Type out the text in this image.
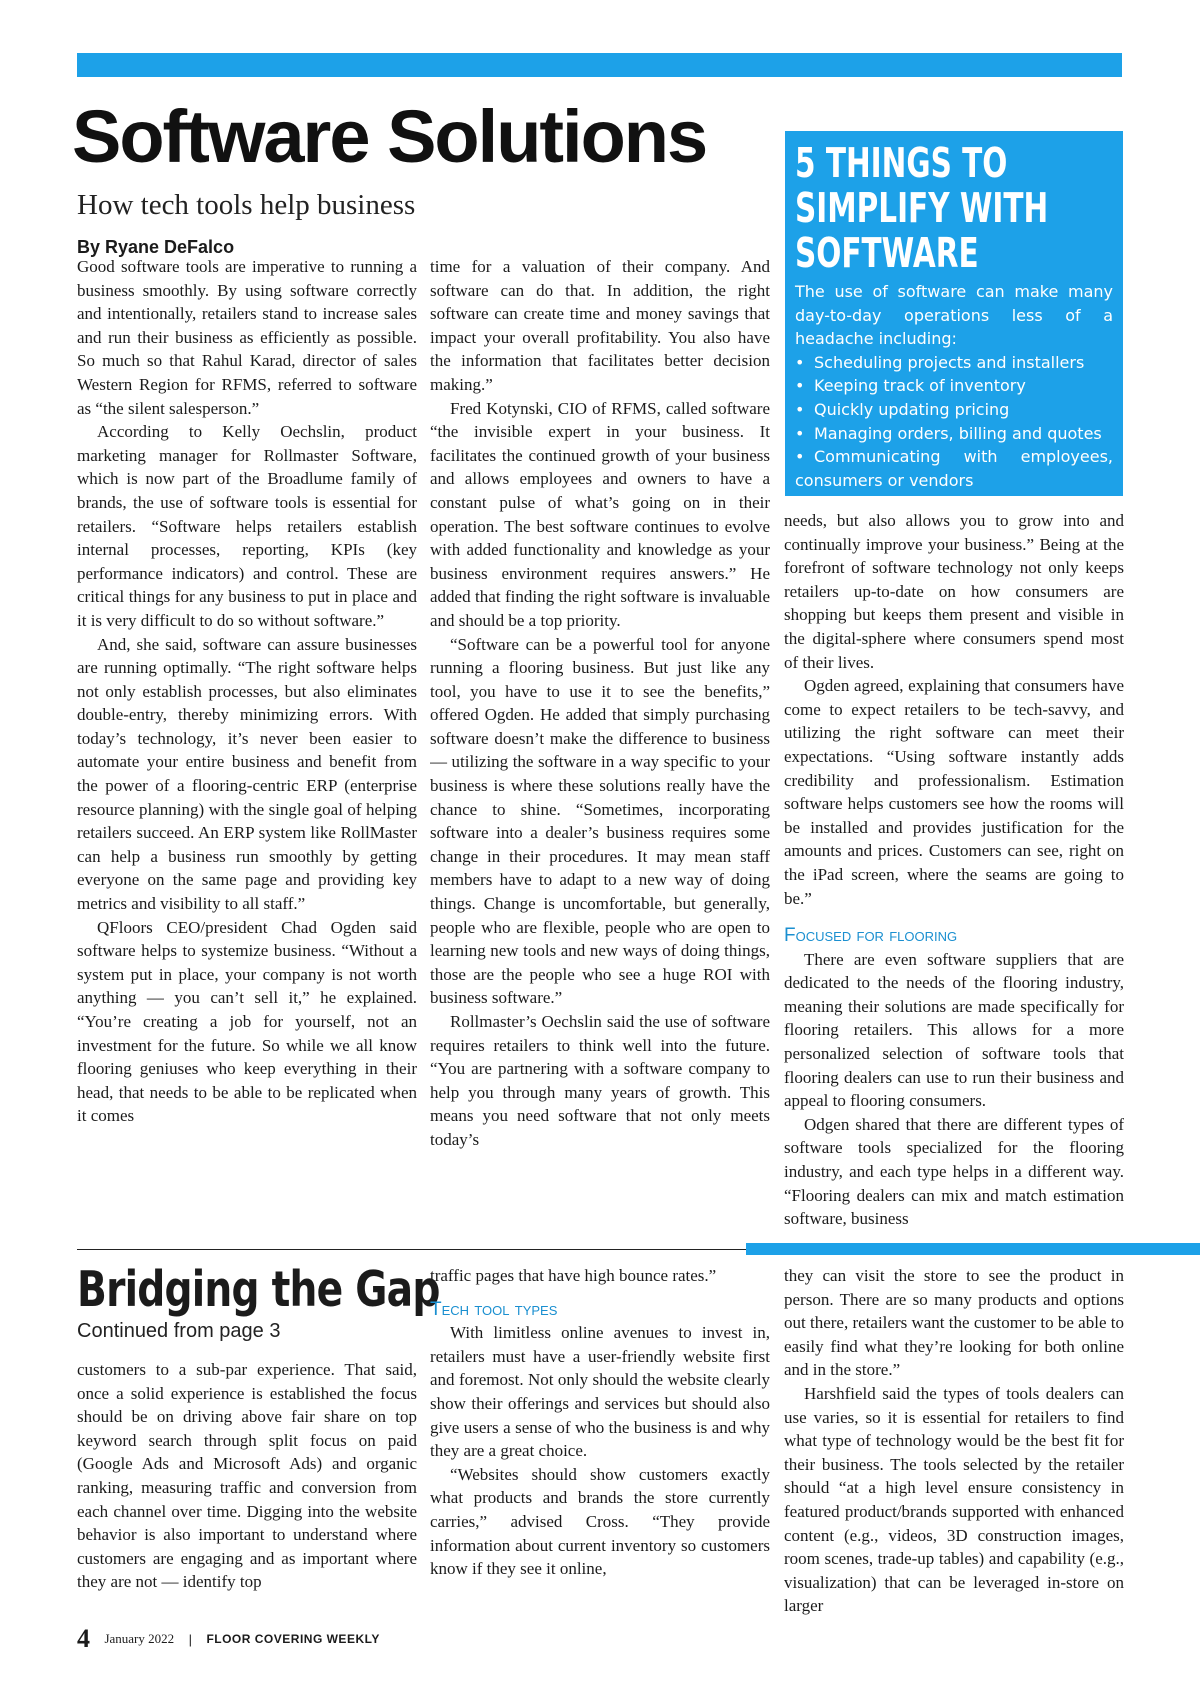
Software Solutions
How tech tools help business
By Ryane DeFalco

Good software tools are imperative to running a business smoothly. By using software correctly and intentionally, retailers stand to increase sales and run their business as efficiently as possible. So much so that Rahul Karad, director of sales Western Region for RFMS, referred to software as “the silent salesperson.”

According to Kelly Oechslin, product marketing manager for Rollmaster Software, which is now part of the Broadlume family of brands, the use of software tools is essential for retailers. “Software helps retailers establish internal processes, reporting, KPIs (key performance indicators) and control. These are critical things for any business to put in place and it is very difficult to do so without software.”

And, she said, software can assure businesses are running optimally. “The right software helps not only establish processes, but also eliminates double-entry, thereby minimizing errors. With today’s technology, it’s never been easier to automate your entire business and benefit from the power of a flooring-centric ERP (enterprise resource planning) with the single goal of helping retailers succeed. An ERP system like RollMaster can help a business run smoothly by getting everyone on the same page and providing key metrics and visibility to all staff.”

QFloors CEO/president Chad Ogden said software helps to systemize business. “Without a system put in place, your company is not worth anything — you can’t sell it,” he explained. “You’re creating a job for yourself, not an investment for the future. So while we all know flooring geniuses who keep everything in their head, that needs to be able to be replicated when it comes

time for a valuation of their company. And software can do that. In addition, the right software can create time and money savings that impact your overall profitability. You also have the information that facilitates better decision making.”

Fred Kotynski, CIO of RFMS, called software “the invisible expert in your business. It facilitates the continued growth of your business and allows employees and owners to have a constant pulse of what’s going on in their operation. The best software continues to evolve with added functionality and knowledge as your business environment requires answers.” He added that finding the right software is invaluable and should be a top priority.

“Software can be a powerful tool for anyone running a flooring business. But just like any tool, you have to use it to see the benefits,” offered Ogden. He added that simply purchasing software doesn’t make the difference to business — utilizing the software in a way specific to your business is where these solutions really have the chance to shine. “Sometimes, incorporating software into a dealer’s business requires some change in their procedures. It may mean staff members have to adapt to a new way of doing things. Change is uncomfortable, but generally, people who are flexible, people who are open to learning new tools and new ways of doing things, those are the people who see a huge ROI with business software.”

Rollmaster’s Oechslin said the use of software requires retailers to think well into the future. “You are partnering with a software company to help you through many years of growth. This means you need software that not only meets today’s

5 THINGS TO SIMPLIFY WITH SOFTWARE

The use of software can make many day-to-day operations less of a headache including:

• Scheduling projects and installers
• Keeping track of inventory
• Quickly updating pricing
• Managing orders, billing and quotes
• Communicating with employees, consumers or vendors

needs, but also allows you to grow into and continually improve your business.” Being at the forefront of software technology not only keeps retailers up-to-date on how consumers are shopping but keeps them present and visible in the digital-sphere where consumers spend most of their lives.

Ogden agreed, explaining that consumers have come to expect retailers to be tech-savvy, and utilizing the right software can meet their expectations. “Using software instantly adds credibility and professionalism. Estimation software helps customers see how the rooms will be installed and provides justification for the amounts and prices. Customers can see, right on the iPad screen, where the seams are going to be.”

Focused for flooring

There are even software suppliers that are dedicated to the needs of the flooring industry, meaning their solutions are made specifically for flooring retailers. This allows for a more personalized selection of software tools that flooring dealers can use to run their business and appeal to flooring consumers.

Odgen shared that there are different types of software tools specialized for the flooring industry, and each type helps in a different way. “Flooring dealers can mix and match estimation software, business

Bridging the Gap
Continued from page 3

customers to a sub-par experience. That said, once a solid experience is established the focus should be on driving above fair share on top keyword search through split focus on paid (Google Ads and Microsoft Ads) and organic ranking, measuring traffic and conversion from each channel over time. Digging into the website behavior is also important to understand where customers are engaging and as important where they are not — identify top

traffic pages that have high bounce rates.”

Tech tool types

With limitless online avenues to invest in, retailers must have a user-friendly website first and foremost. Not only should the website clearly show their offerings and services but should also give users a sense of who the business is and why they are a great choice.

“Websites should show customers exactly what products and brands the store currently carries,” advised Cross. “They provide information about current inventory so customers know if they see it online,

they can visit the store to see the product in person. There are so many products and options out there, retailers want the customer to be able to easily find what they’re looking for both online and in the store.”

Harshfield said the types of tools dealers can use varies, so it is essential for retailers to find what type of technology would be the best fit for their business. The tools selected by the retailer should “at a high level ensure consistency in featured product/brands supported with enhanced content (e.g., videos, 3D construction images, room scenes, trade-up tables) and capability (e.g., visualization) that can be leveraged in-store on larger

4 January 2022 | FLOOR COVERING WEEKLY
